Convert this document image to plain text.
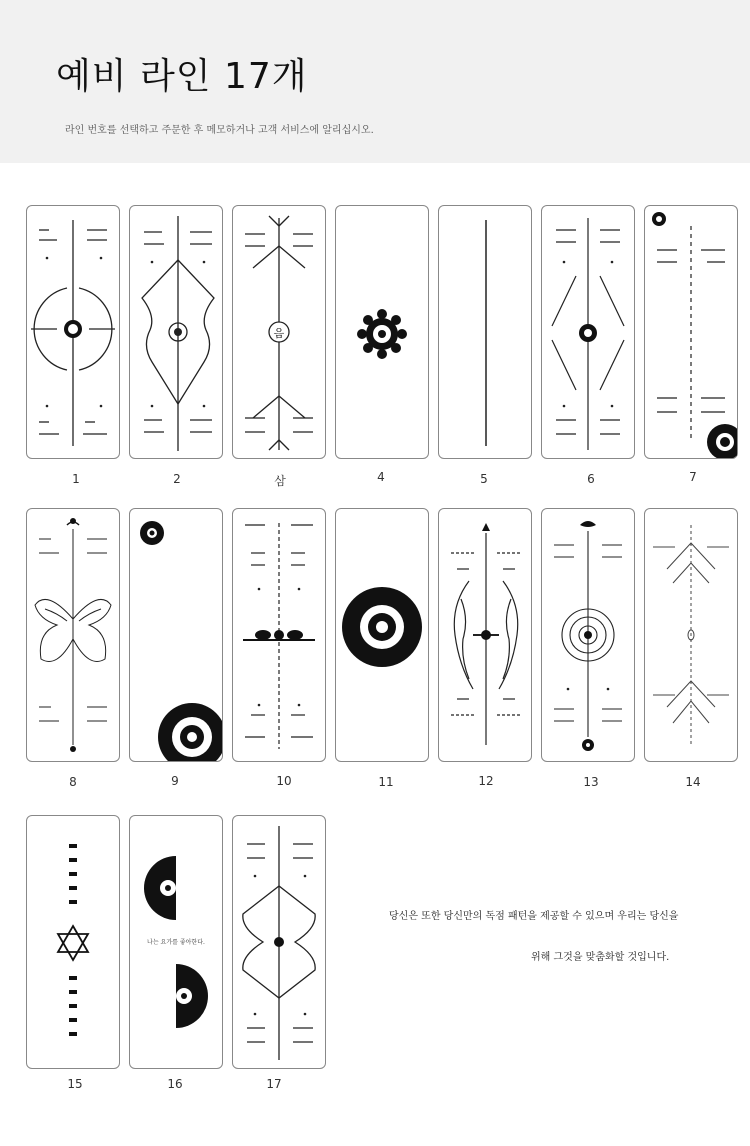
예비 라인 17개
라인 번호를 선택하고 주문한 후 메모하거나 고객 서비스에 알리십시오.
1	2
음
삼	4	5	6	7
8	9	10	11	12	13	14
15
나는 요가를 좋아한다.
16	17
당신은 또한 당신만의 독점 패턴을 제공할 수 있으며 우리는 당신을
위해 그것을 맞춤화할 것입니다.
